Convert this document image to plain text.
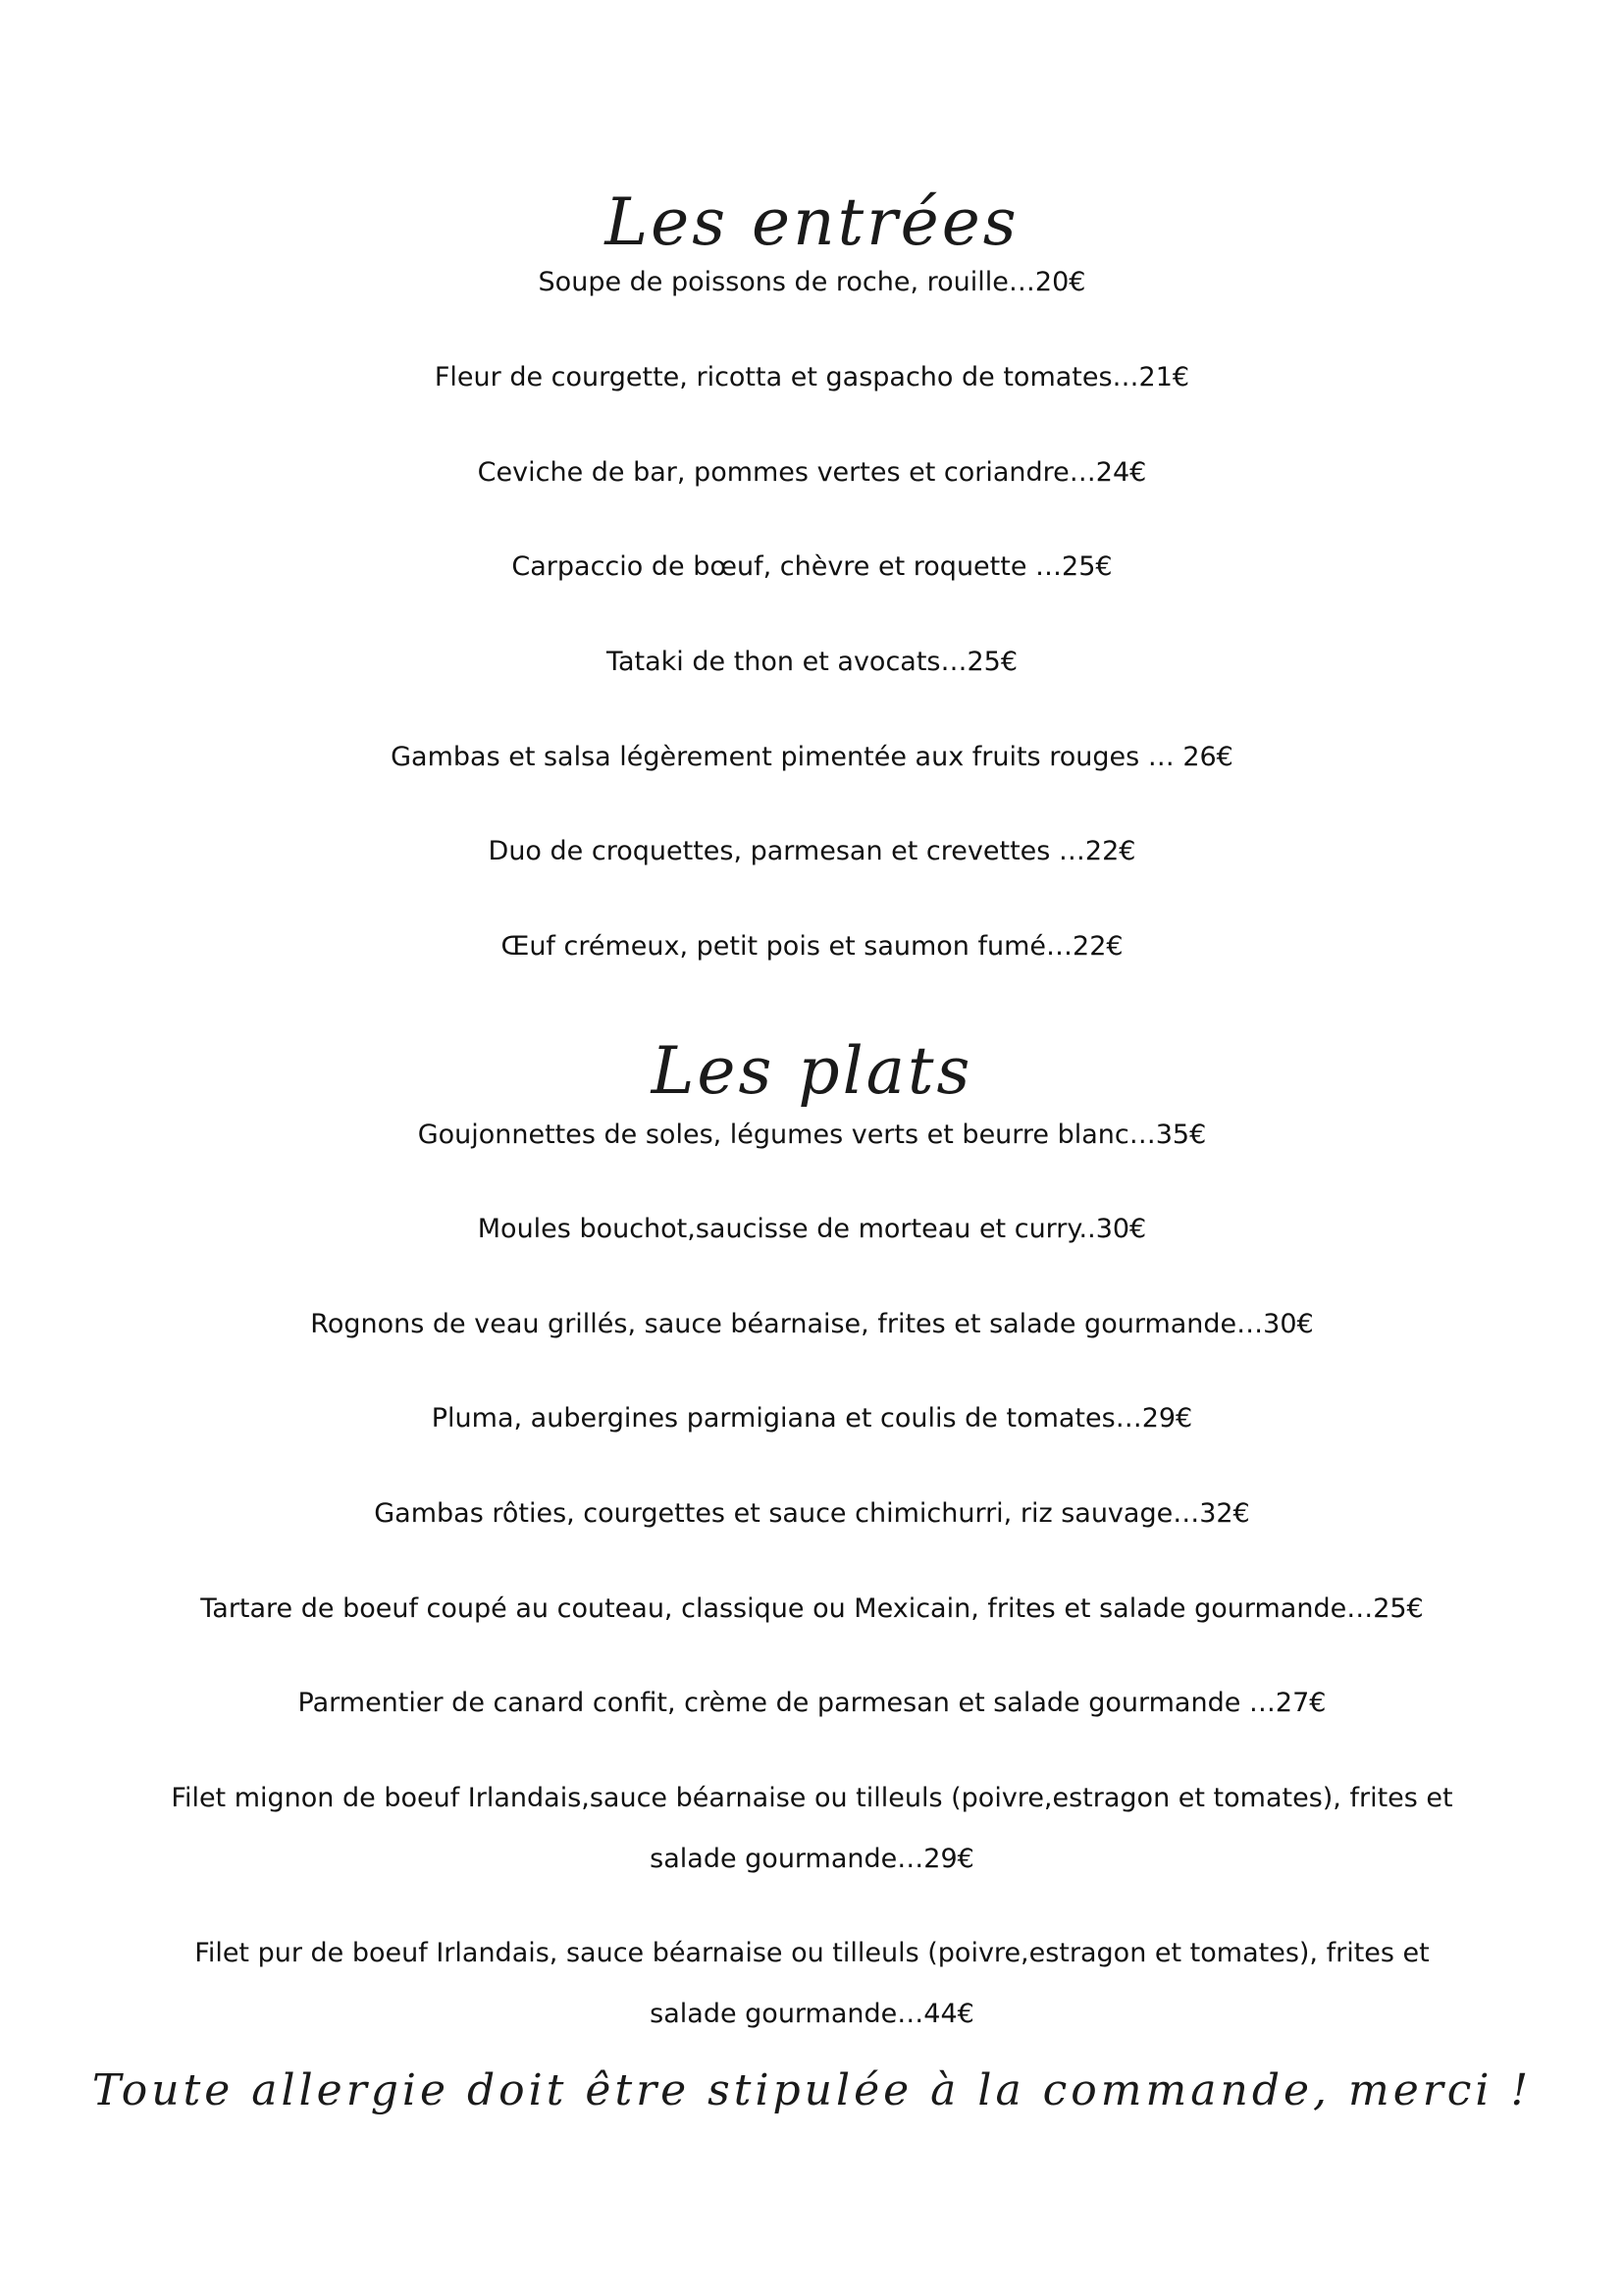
Les entrées
Soupe de poissons de roche, rouille…20€
Fleur de courgette, ricotta et gaspacho de tomates…21€
Ceviche de bar, pommes vertes et coriandre…24€
Carpaccio de bœuf, chèvre et roquette …25€
Tataki de thon et avocats…25€
Gambas et salsa légèrement pimentée aux fruits rouges … 26€
Duo de croquettes, parmesan et crevettes …22€
Œuf crémeux, petit pois et saumon fumé…22€
Les plats
Goujonnettes de soles, légumes verts et beurre blanc…35€
Moules bouchot,saucisse de morteau et curry..30€
Rognons de veau grillés, sauce béarnaise, frites et salade gourmande…30€
Pluma, aubergines parmigiana et coulis de tomates…29€
Gambas rôties, courgettes et sauce chimichurri, riz sauvage…32€
Tartare de boeuf coupé au couteau, classique ou Mexicain, frites et salade gourmande…25€
Parmentier de canard confit, crème de parmesan et salade gourmande …27€
Filet mignon de boeuf Irlandais,sauce béarnaise ou tilleuls (poivre,estragon et tomates), frites et salade gourmande…29€
Filet pur de boeuf Irlandais, sauce béarnaise ou tilleuls (poivre,estragon et tomates), frites et salade gourmande…44€
Toute allergie doit être stipulée à la commande, merci !
